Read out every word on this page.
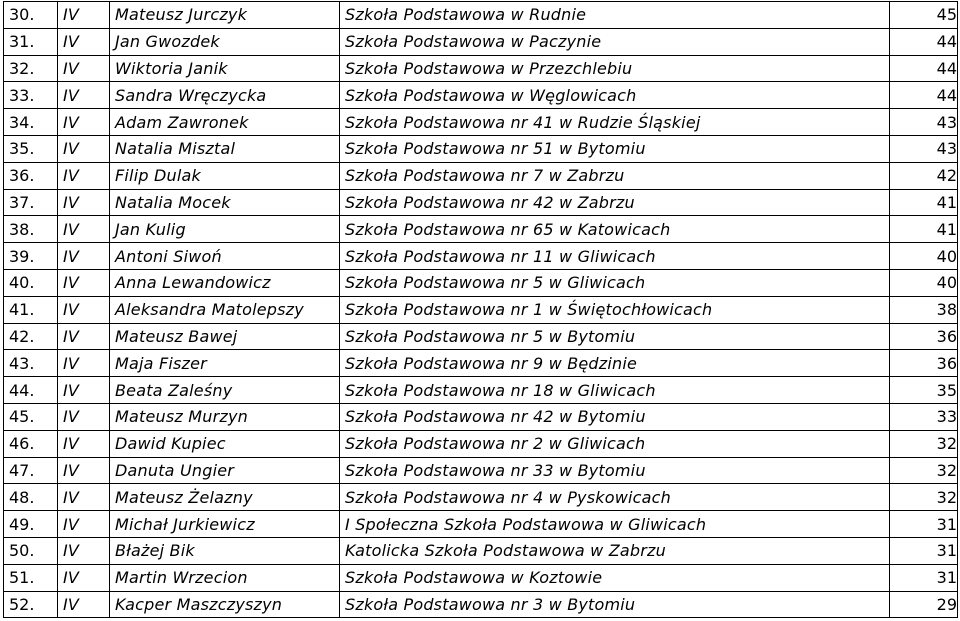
30.	IV	Mateusz Jurczyk	Szkoła Podstawowa w Rudnie	45
31.	IV	Jan Gwozdek	Szkoła Podstawowa w Paczynie	44
32.	IV	Wiktoria Janik	Szkoła Podstawowa w Przezchlebiu	44
33.	IV	Sandra Wręczycka	Szkoła Podstawowa w Węglowicach	44
34.	IV	Adam Zawronek	Szkoła Podstawowa nr 41 w Rudzie Śląskiej	43
35.	IV	Natalia Misztal	Szkoła Podstawowa nr 51 w Bytomiu	43
36.	IV	Filip Dulak	Szkoła Podstawowa nr 7 w Zabrzu	42
37.	IV	Natalia Mocek	Szkoła Podstawowa nr 42 w Zabrzu	41
38.	IV	Jan Kulig	Szkoła Podstawowa nr 65 w Katowicach	41
39.	IV	Antoni Siwoń	Szkoła Podstawowa nr 11 w Gliwicach	40
40.	IV	Anna Lewandowicz	Szkoła Podstawowa nr 5 w Gliwicach	40
41.	IV	Aleksandra Matolepszy	Szkoła Podstawowa nr 1 w Świętochłowicach	38
42.	IV	Mateusz Bawej	Szkoła Podstawowa nr 5 w Bytomiu	36
43.	IV	Maja Fiszer	Szkoła Podstawowa nr 9 w Będzinie	36
44.	IV	Beata Zaleśny	Szkoła Podstawowa nr 18 w Gliwicach	35
45.	IV	Mateusz Murzyn	Szkoła Podstawowa nr 42 w Bytomiu	33
46.	IV	Dawid Kupiec	Szkoła Podstawowa nr 2 w Gliwicach	32
47.	IV	Danuta Ungier	Szkoła Podstawowa nr 33 w Bytomiu	32
48.	IV	Mateusz Żelazny	Szkoła Podstawowa nr 4 w Pyskowicach	32
49.	IV	Michał Jurkiewicz	I Społeczna Szkoła Podstawowa w Gliwicach	31
50.	IV	Błażej Bik	Katolicka Szkoła Podstawowa w Zabrzu	31
51.	IV	Martin Wrzecion	Szkoła Podstawowa w Koztowie	31
52.	IV	Kacper Maszczyszyn	Szkoła Podstawowa nr 3 w Bytomiu	29
